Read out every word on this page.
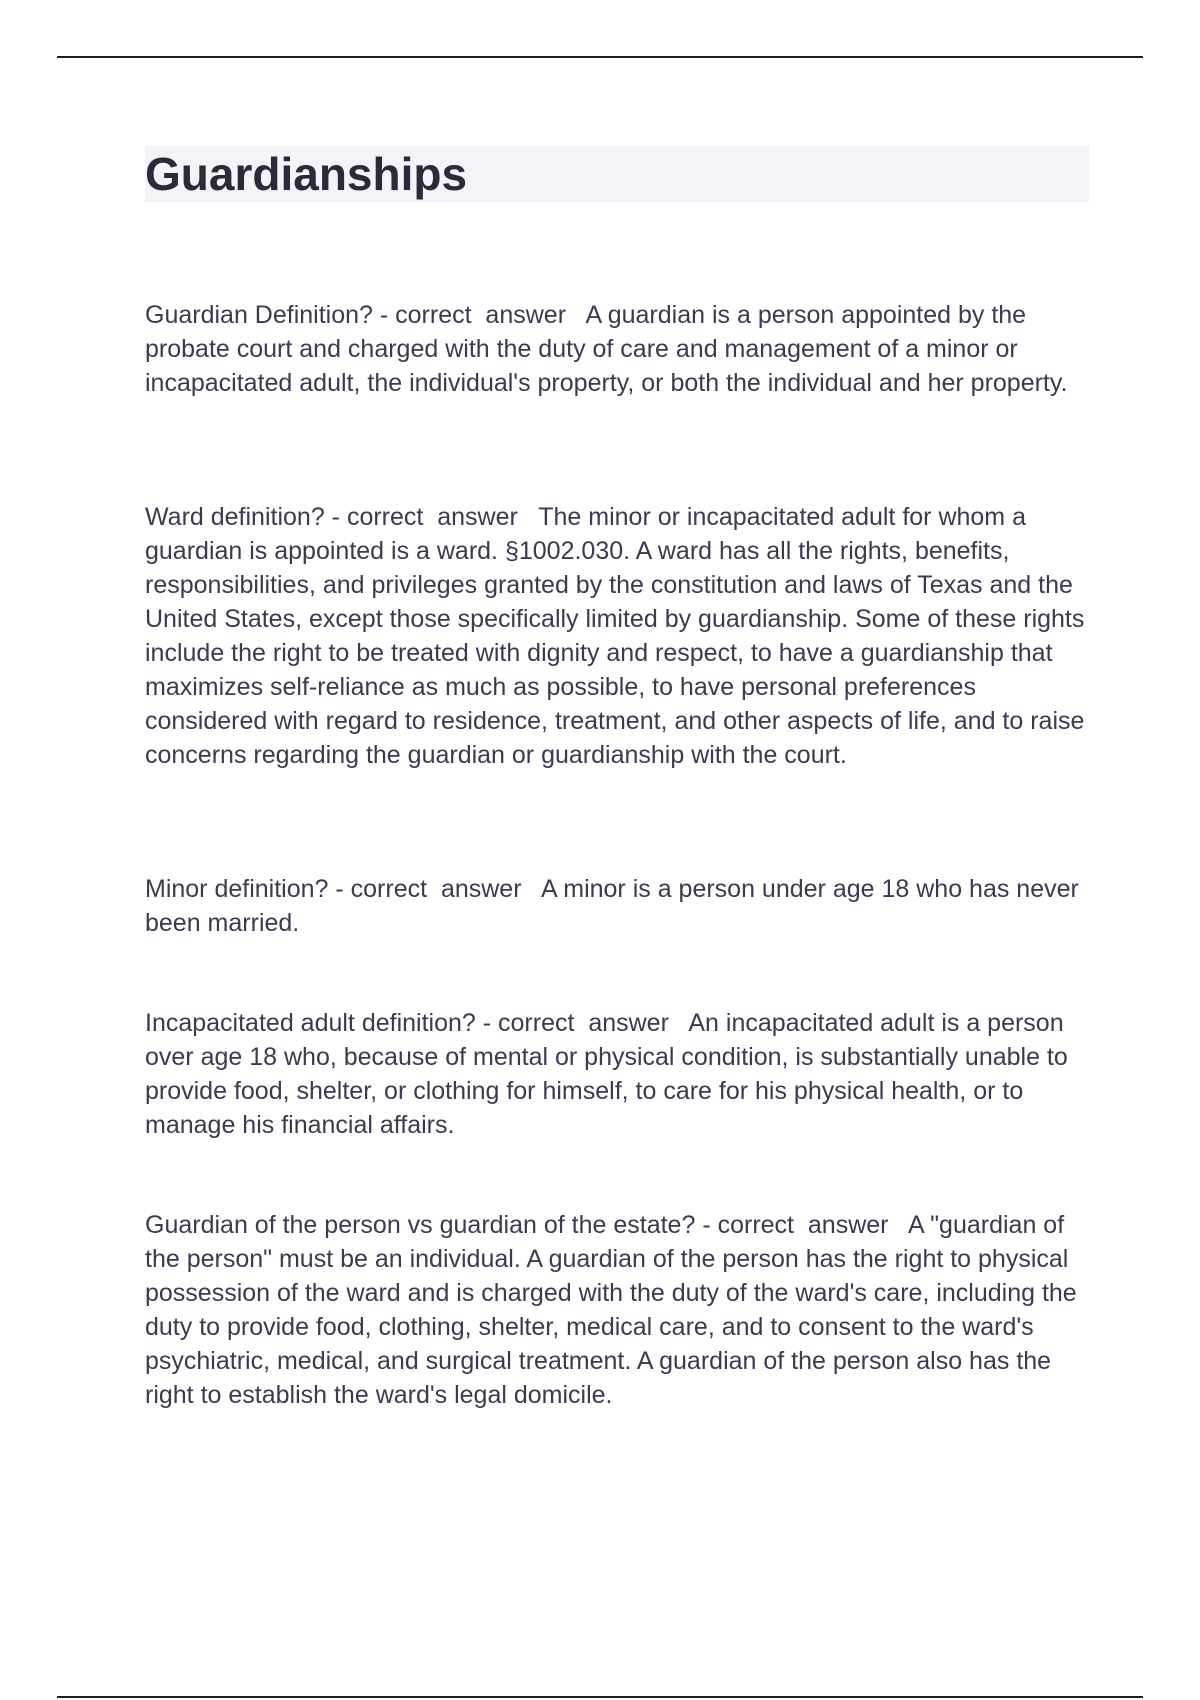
Guardianships

Guardian Definition? - correct  answer   A guardian is a person appointed by the probate court and charged with the duty of care and management of a minor or incapacitated adult, the individual's property, or both the individual and her property.

Ward definition? - correct  answer   The minor or incapacitated adult for whom a guardian is appointed is a ward. §1002.030. A ward has all the rights, benefits, responsibilities, and privileges granted by the constitution and laws of Texas and the United States, except those specifically limited by guardianship. Some of these rights include the right to be treated with dignity and respect, to have a guardianship that maximizes self-reliance as much as possible, to have personal preferences considered with regard to residence, treatment, and other aspects of life, and to raise concerns regarding the guardian or guardianship with the court.

Minor definition? - correct  answer   A minor is a person under age 18 who has never been married.

Incapacitated adult definition? - correct  answer   An incapacitated adult is a person over age 18 who, because of mental or physical condition, is substantially unable to provide food, shelter, or clothing for himself, to care for his physical health, or to manage his financial affairs.

Guardian of the person vs guardian of the estate? - correct  answer   A "guardian of the person" must be an individual. A guardian of the person has the right to physical possession of the ward and is charged with the duty of the ward's care, including the duty to provide food, clothing, shelter, medical care, and to consent to the ward's psychiatric, medical, and surgical treatment. A guardian of the person also has the right to establish the ward's legal domicile.
